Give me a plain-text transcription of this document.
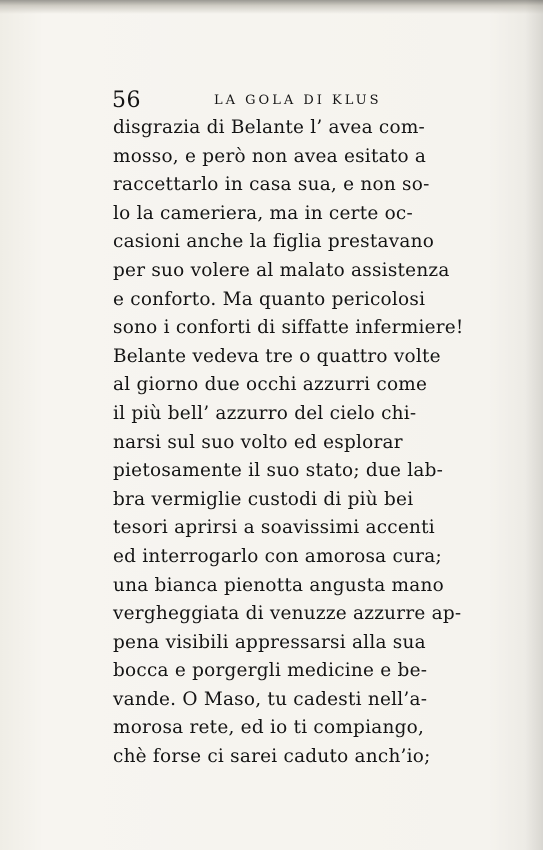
56	LA GOLA DI KLUS
disgrazia di Belante l’ avea com-
mosso, e però non avea esitato a
raccettarlo in casa sua, e non so-
lo la cameriera, ma in certe oc-
casioni anche la figlia prestavano
per suo volere al malato assistenza
e conforto. Ma quanto pericolosi
sono i conforti di siffatte infermiere!
Belante vedeva tre o quattro volte
al giorno due occhi azzurri come
il più bell’ azzurro del cielo chi-
narsi sul suo volto ed esplorar
pietosamente il suo stato; due lab-
bra vermiglie custodi di più bei
tesori aprirsi a soavissimi accenti
ed interrogarlo con amorosa cura;
una bianca pienotta angusta mano
vergheggiata di venuzze azzurre ap-
pena visibili appressarsi alla sua
bocca e porgergli medicine e be-
vande. O Maso, tu cadesti nell’a-
morosa rete, ed io ti compiango,
chè forse ci sarei caduto anch’io;
